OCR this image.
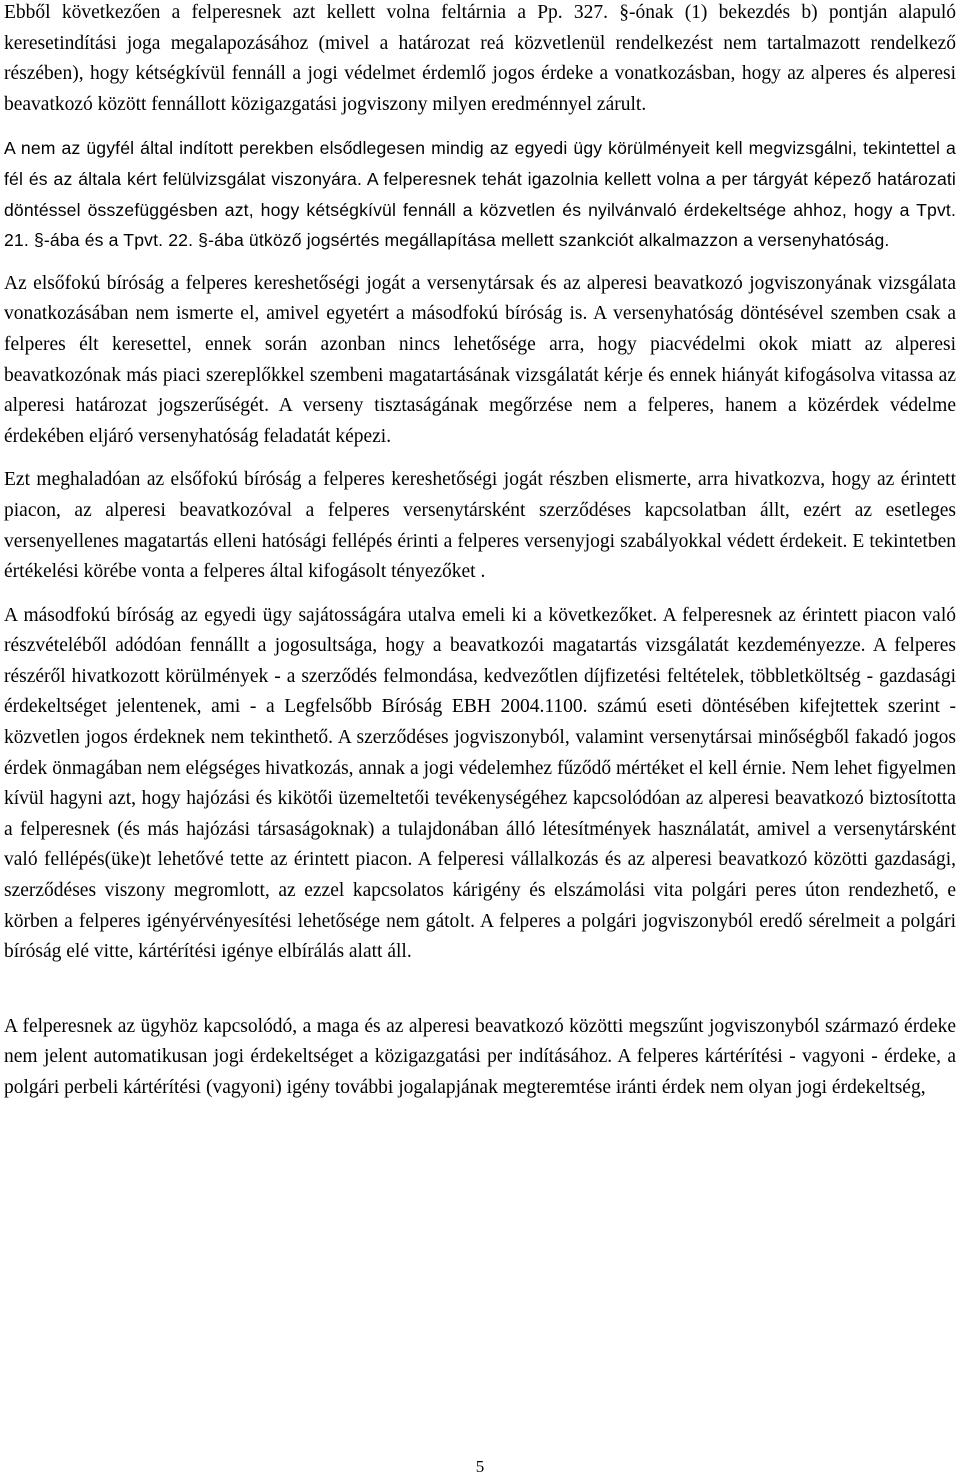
Ebből következően a felperesnek azt kellett volna feltárnia a Pp. 327. §-ónak (1) bekezdés b) pontján alapuló keresetindítási joga megalapozásához (mivel a határozat reá közvetlenül rendelkezést nem tartalmazott rendelkező részében), hogy kétségkívül fennáll a jogi védelmet érdemlő jogos érdeke a vonatkozásban, hogy az alperes és alperesi beavatkozó között fennállott közigazgatási jogviszony milyen eredménnyel zárult.

A nem az ügyfél által indított perekben elsődlegesen mindig az egyedi ügy körülményeit kell megvizsgálni, tekintettel a fél és az általa kért felülvizsgálat viszonyára. A felperesnek tehát igazolnia kellett volna a per tárgyát képező határozati döntéssel összefüggésben azt, hogy kétségkívül fennáll a közvetlen és nyilvánvaló érdekeltsége ahhoz, hogy a Tpvt. 21. §-ába és a Tpvt. 22. §-ába ütköző jogsértés megállapítása mellett szankciót alkalmazzon a versenyhatóság.

Az elsőfokú bíróság a felperes kereshetőségi jogát a versenytársak és az alperesi beavatkozó jogviszonyának vizsgálata vonatkozásában nem ismerte el, amivel egyetért a másodfokú bíróság is. A versenyhatóság döntésével szemben csak a felperes élt keresettel, ennek során azonban nincs lehetősége arra, hogy piacvédelmi okok miatt az alperesi beavatkozónak más piaci szereplőkkel szembeni magatartásának vizsgálatát kérje és ennek hiányát kifogásolva vitassa az alperesi határozat jogszerűségét. A verseny tisztaságának megőrzése nem a felperes, hanem a közérdek védelme érdekében eljáró versenyhatóság feladatát képezi.

Ezt meghaladóan az elsőfokú bíróság a felperes kereshetőségi jogát részben elismerte, arra hivatkozva, hogy az érintett piacon, az alperesi beavatkozóval a felperes versenytársként szerződéses kapcsolatban állt, ezért az esetleges versenyellenes magatartás elleni hatósági fellépés érinti a felperes versenyjogi szabályokkal védett érdekeit. E tekintetben értékelési körébe vonta a felperes által kifogásolt tényezőket .

A másodfokú bíróság az egyedi ügy sajátosságára utalva emeli ki a következőket. A felperesnek az érintett piacon való részvételéből adódóan fennállt a jogosultsága, hogy a beavatkozói magatartás vizsgálatát kezdeményezze. A felperes részéről hivatkozott körülmények - a szerződés felmondása, kedvezőtlen díjfizetési feltételek, többletköltség - gazdasági érdekeltséget jelentenek, ami - a Legfelsőbb Bíróság EBH 2004.1100. számú eseti döntésében kifejtettek szerint - közvetlen jogos érdeknek nem tekinthető. A szerződéses jogviszonyból, valamint versenytársai minőségből fakadó jogos érdek önmagában nem elégséges hivatkozás, annak a jogi védelemhez fűződő mértéket el kell érnie. Nem lehet figyelmen kívül hagyni azt, hogy hajózási és kikötői üzemeltetői tevékenységéhez kapcsolódóan az alperesi beavatkozó biztosította a felperesnek (és más hajózási társaságoknak) a tulajdonában álló létesítmények használatát, amivel a versenytársként való fellépés(üke)t lehetővé tette az érintett piacon. A felperesi vállalkozás és az alperesi beavatkozó közötti gazdasági, szerződéses viszony megromlott, az ezzel kapcsolatos kárigény és elszámolási vita polgári peres úton rendezhető, e körben a felperes igényérvényesítési lehetősége nem gátolt. A felperes a polgári jogviszonyból eredő sérelmeit a polgári bíróság elé vitte, kártérítési igénye elbírálás alatt áll.

A felperesnek az ügyhöz kapcsolódó, a maga és az alperesi beavatkozó közötti megszűnt jogviszonyból származó érdeke nem jelent automatikusan jogi érdekeltséget a közigazgatási per indításához. A felperes kártérítési - vagyoni - érdeke, a polgári perbeli kártérítési (vagyoni) igény további jogalapjának megteremtése iránti érdek nem olyan jogi érdekeltség,

5
